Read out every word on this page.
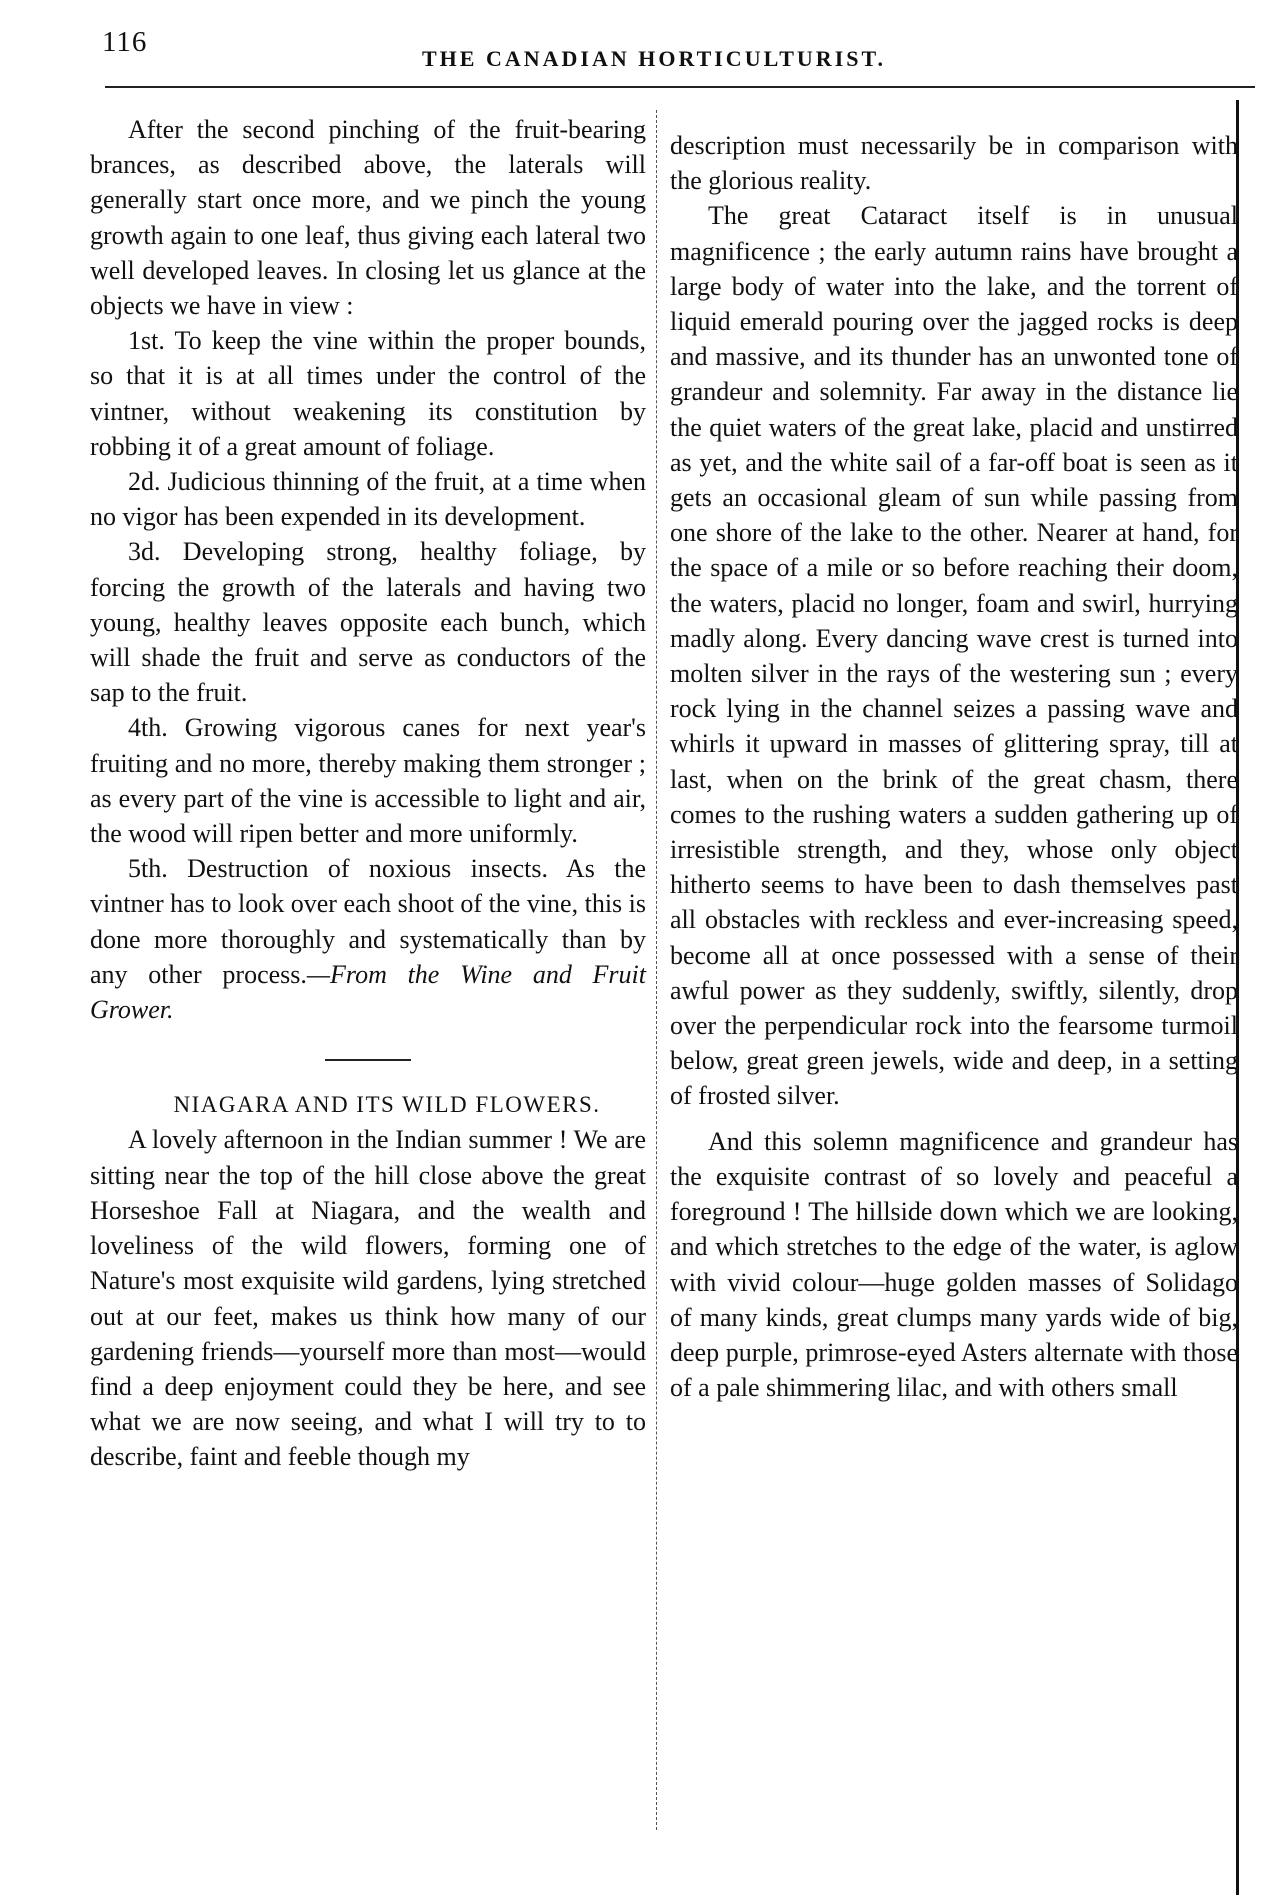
116
THE CANADIAN HORTICULTURIST.

After the second pinching of the fruit-bearing brances, as described above, the laterals will generally start once more, and we pinch the young growth again to one leaf, thus giving each lateral two well developed leaves. In closing let us glance at the objects we have in view :

1st. To keep the vine within the proper bounds, so that it is at all times under the control of the vintner, without weakening its constitution by robbing it of a great amount of foliage.

2d. Judicious thinning of the fruit, at a time when no vigor has been expended in its development.

3d. Developing strong, healthy foliage, by forcing the growth of the laterals and having two young, healthy leaves opposite each bunch, which will shade the fruit and serve as conductors of the sap to the fruit.

4th. Growing vigorous canes for next year's fruiting and no more, thereby making them stronger ; as every part of the vine is accessible to light and air, the wood will ripen better and more uniformly.

5th. Destruction of noxious insects. As the vintner has to look over each shoot of the vine, this is done more thoroughly and systematically than by any other process.—From the Wine and Fruit Grower.

NIAGARA AND ITS WILD FLOWERS.

A lovely afternoon in the Indian summer ! We are sitting near the top of the hill close above the great Horseshoe Fall at Niagara, and the wealth and loveliness of the wild flowers, forming one of Nature's most exquisite wild gardens, lying stretched out at our feet, makes us think how many of our gardening friends—yourself more than most—would find a deep enjoyment could they be here, and see what we are now seeing, and what I will try to to describe, faint and feeble though my

description must necessarily be in comparison with the glorious reality.

The great Cataract itself is in unusual magnificence ; the early autumn rains have brought a large body of water into the lake, and the torrent of liquid emerald pouring over the jagged rocks is deep and massive, and its thunder has an unwonted tone of grandeur and solemnity. Far away in the distance lie the quiet waters of the great lake, placid and unstirred as yet, and the white sail of a far-off boat is seen as it gets an occasional gleam of sun while passing from one shore of the lake to the other. Nearer at hand, for the space of a mile or so before reaching their doom, the waters, placid no longer, foam and swirl, hurrying madly along. Every dancing wave crest is turned into molten silver in the rays of the westering sun ; every rock lying in the channel seizes a passing wave and whirls it upward in masses of glittering spray, till at last, when on the brink of the great chasm, there comes to the rushing waters a sudden gathering up of irresistible strength, and they, whose only object hitherto seems to have been to dash themselves past all obstacles with reckless and ever-increasing speed, become all at once possessed with a sense of their awful power as they suddenly, swiftly, silently, drop over the perpendicular rock into the fearsome turmoil below, great green jewels, wide and deep, in a setting of frosted silver.

And this solemn magnificence and grandeur has the exquisite contrast of so lovely and peaceful a foreground ! The hillside down which we are looking, and which stretches to the edge of the water, is aglow with vivid colour—huge golden masses of Solidago of many kinds, great clumps many yards wide of big, deep purple, primrose-eyed Asters alternate with those of a pale shimmering lilac, and with others small
